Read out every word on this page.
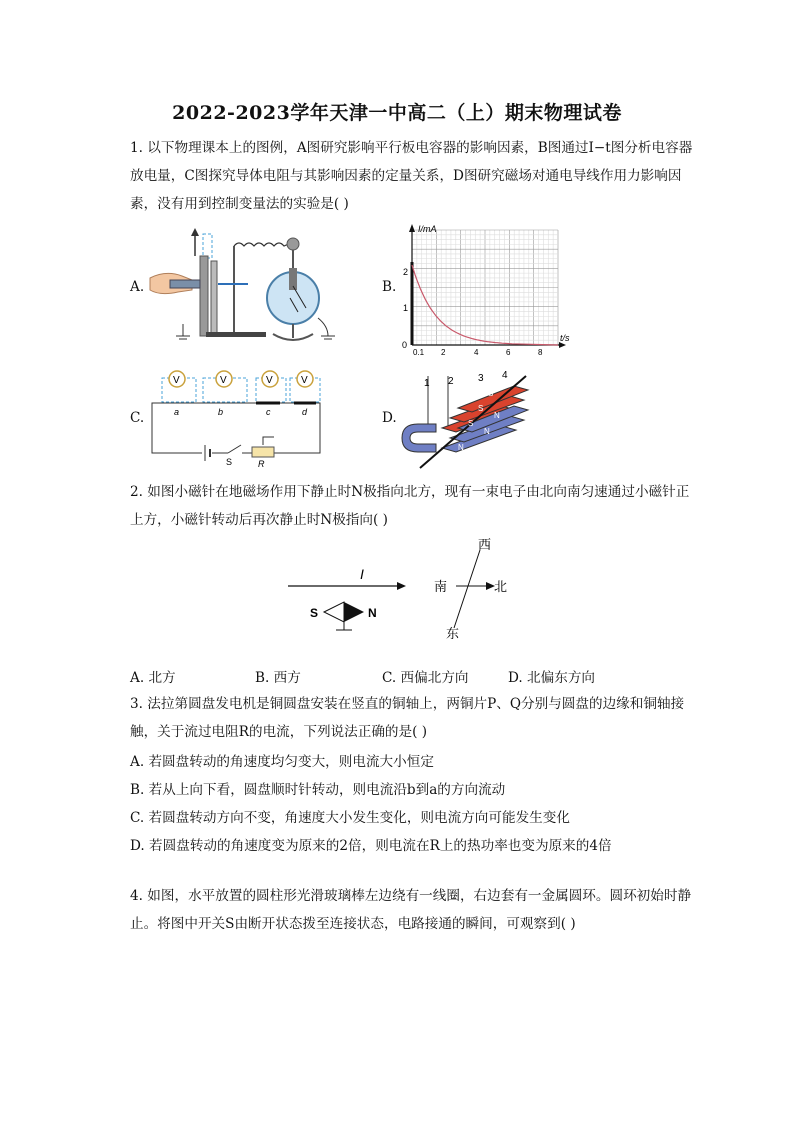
2022-2023学年天津一中高二（上）期末物理试卷
1. 以下物理课本上的图例，A图研究影响平行板电容器的影响因素，B图通过I−t图分析电容器放电量，C图探究导体电阻与其影响因素的定量关系，D图研究磁场对通电导线作用力影响因素，没有用到控制变量法的实验是( )
A.	B.
C.	D.
I/mA
t/s
2
1
0
0.1 2	4	6	8
V	V	V	V
a	b	c	d
S	R
1 2 3 4
S
S
S
N
N
N
2. 如图小磁针在地磁场作用下静止时N极指向北方，现有一束电子由北向南匀速通过小磁针正上方，小磁针转动后再次静止时N极指向( )
I
S	N
西
南	北
东
A. 北方	B. 西方	C. 西偏北方向	D. 北偏东方向
3. 法拉第圆盘发电机是铜圆盘安装在竖直的铜轴上，两铜片P、Q分别与圆盘的边缘和铜轴接触，关于流过电阻R的电流，下列说法正确的是( )
A. 若圆盘转动的角速度均匀变大，则电流大小恒定
B. 若从上向下看，圆盘顺时针转动，则电流沿b到a的方向流动
C. 若圆盘转动方向不变，角速度大小发生变化，则电流方向可能发生变化
D. 若圆盘转动的角速度变为原来的2倍，则电流在R上的热功率也变为原来的4倍
4. 如图，水平放置的圆柱形光滑玻璃棒左边绕有一线圈，右边套有一金属圆环。圆环初始时静止。将图中开关S由断开状态拨至连接状态，电路接通的瞬间，可观察到( )
